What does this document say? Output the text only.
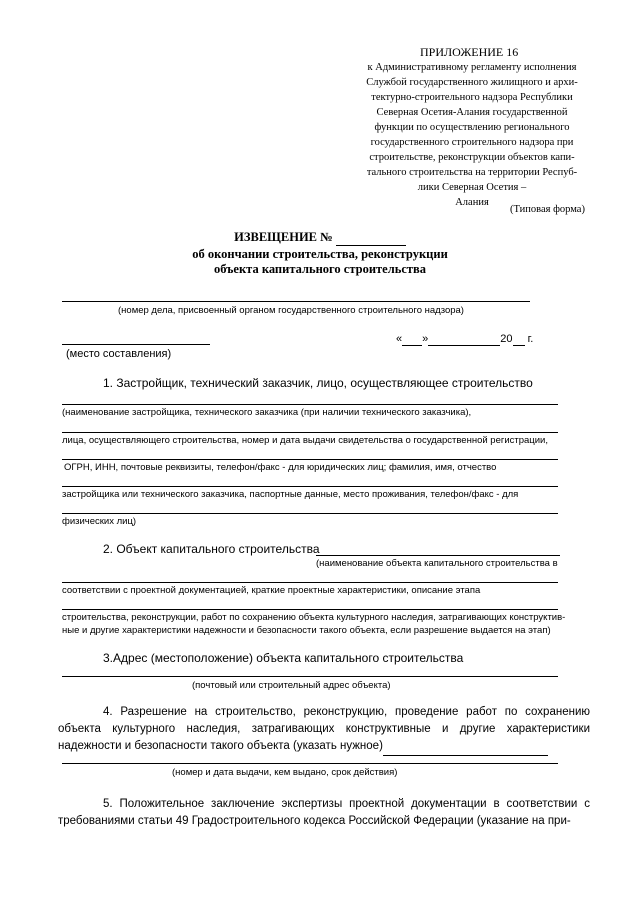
ПРИЛОЖЕНИЕ 16
к Административному регламенту исполнения
Службой государственного жилищного и архи-
тектурно-строительного надзора Республики
Северная Осетия-Алания государственной
функции по осуществлению регионального
государственного строительного надзора при
строительстве, реконструкции объектов капи-
тального строительства на территории Респуб-
лики Северная Осетия –
Алания
(Типовая форма)
ИЗВЕЩЕНИЕ №
об окончании строительства, реконструкции
объекта капитального строительства
(номер дела, присвоенный органом государственного строительного надзора)
« »	20 г.
(место составления)
1. Застройщик, технический заказчик, лицо, осуществляющее строительство
(наименование застройщика, технического заказчика (при наличии технического заказчика),
лица, осуществляющего строительства, номер и дата выдачи свидетельства о государственной регистрации,
ОГРН, ИНН, почтовые реквизиты, телефон/факс - для юридических лиц; фамилия, имя, отчество
застройщика или технического заказчика, паспортные данные, место проживания, телефон/факс - для
физических лиц)
2. Объект капитального строительства
(наименование объекта капитального строительства в
соответствии с проектной документацией, краткие проектные характеристики, описание этапа
строительства, реконструкции, работ по сохранению объекта культурного наследия, затрагивающих конструктив-
ные и другие характеристики надежности и безопасности такого объекта, если разрешение выдается на этап)
3.Адрес (местоположение) объекта капитального строительства
(почтовый или строительный адрес объекта)
4. Разрешение на строительство, реконструкцию, проведение работ по сохранению объекта культурного наследия, затрагивающих конструктивные и другие характеристики надежности и безопасности такого объекта (указать нужное)
(номер и дата выдачи, кем выдано, срок действия)
5. Положительное заключение экспертизы проектной документации в соответствии с требованиями статьи 49 Градостроительного кодекса Российской Федерации (указание на при-
